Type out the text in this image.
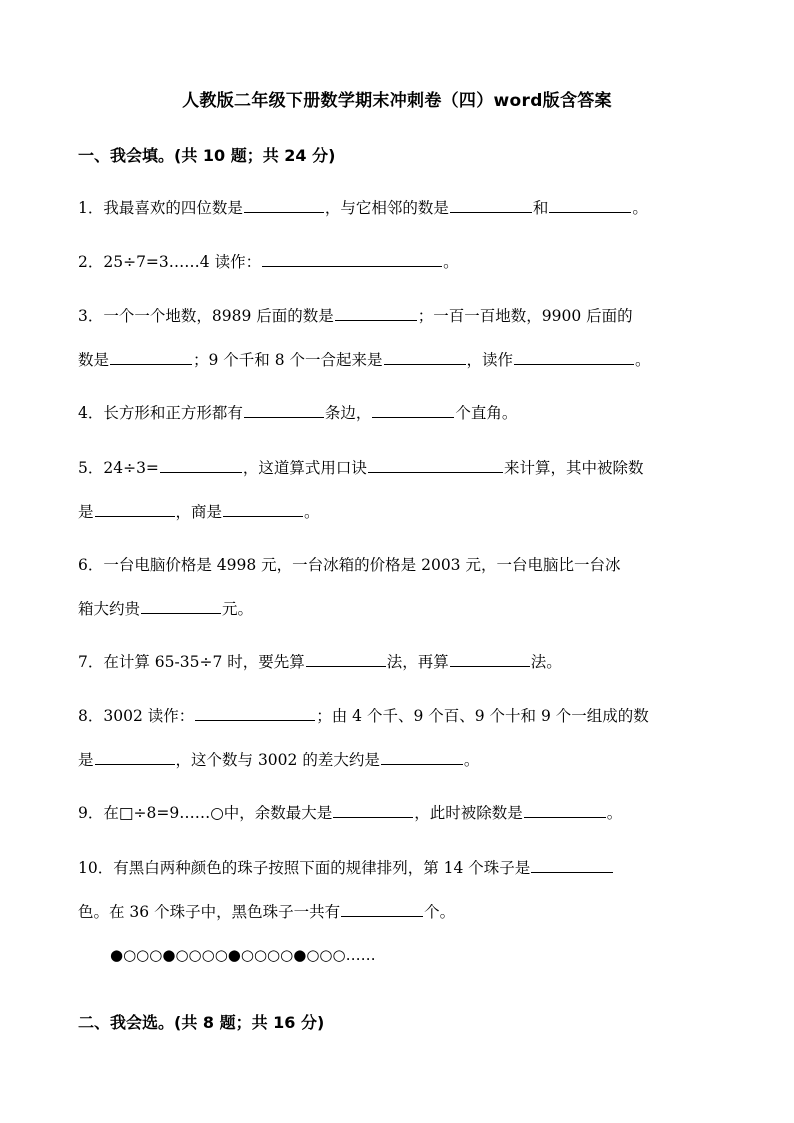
人教版二年级下册数学期末冲刺卷（四）word版含答案
一、我会填。(共 10 题；共 24 分)
1．我最喜欢的四位数是	，与它相邻的数是	和	。
2．25÷7=3……4 读作：	。
3．一个一个地数，8989 后面的数是	；一百一百地数，9900 后面的
数是	；9 个千和 8 个一合起来是	，读作	。
4．长方形和正方形都有	条边，	个直角。
5．24÷3=	，这道算式用口诀	来计算，其中被除数
是	，商是	。
6．一台电脑价格是 4998 元，一台冰箱的价格是 2003 元，一台电脑比一台冰
箱大约贵	元。
7．在计算 65-35÷7 时，要先算	法，再算	法。
8．3002 读作：	；由 4 个千、9 个百、9 个十和 9 个一组成的数
是	，这个数与 3002 的差大约是	。
9．在□÷8=9……○中，余数最大是	，此时被除数是	。
10．有黑白两种颜色的珠子按照下面的规律排列，第 14 个珠子是
色。在 36 个珠子中，黑色珠子一共有	个。
●○○○●○○○○●○○○○●○○○……
二、我会选。(共 8 题；共 16 分)
